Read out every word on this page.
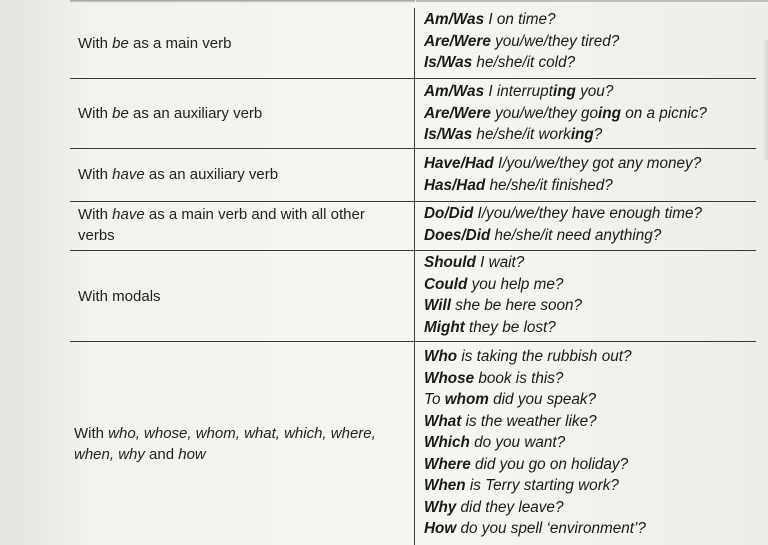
With be as a main verb
With be as an auxiliary verb
With have as an auxiliary verb
With have as a main verb and with all other verbs
With modals
With who, whose, whom, what, which, where, when, why and how
Am/Was I on time?
Are/Were you/we/they tired?
Is/Was he/she/it cold?
Am/Was I interrupting you?
Are/Were you/we/they going on a picnic?
Is/Was he/she/it working?
Have/Had I/you/we/they got any money?
Has/Had he/she/it finished?
Do/Did I/you/we/they have enough time?
Does/Did he/she/it need anything?
Should I wait?
Could you help me?
Will she be here soon?
Might they be lost?
Who is taking the rubbish out?
Whose book is this?
To whom did you speak?
What is the weather like?
Which do you want?
Where did you go on holiday?
When is Terry starting work?
Why did they leave?
How do you spell ‘environment’?
